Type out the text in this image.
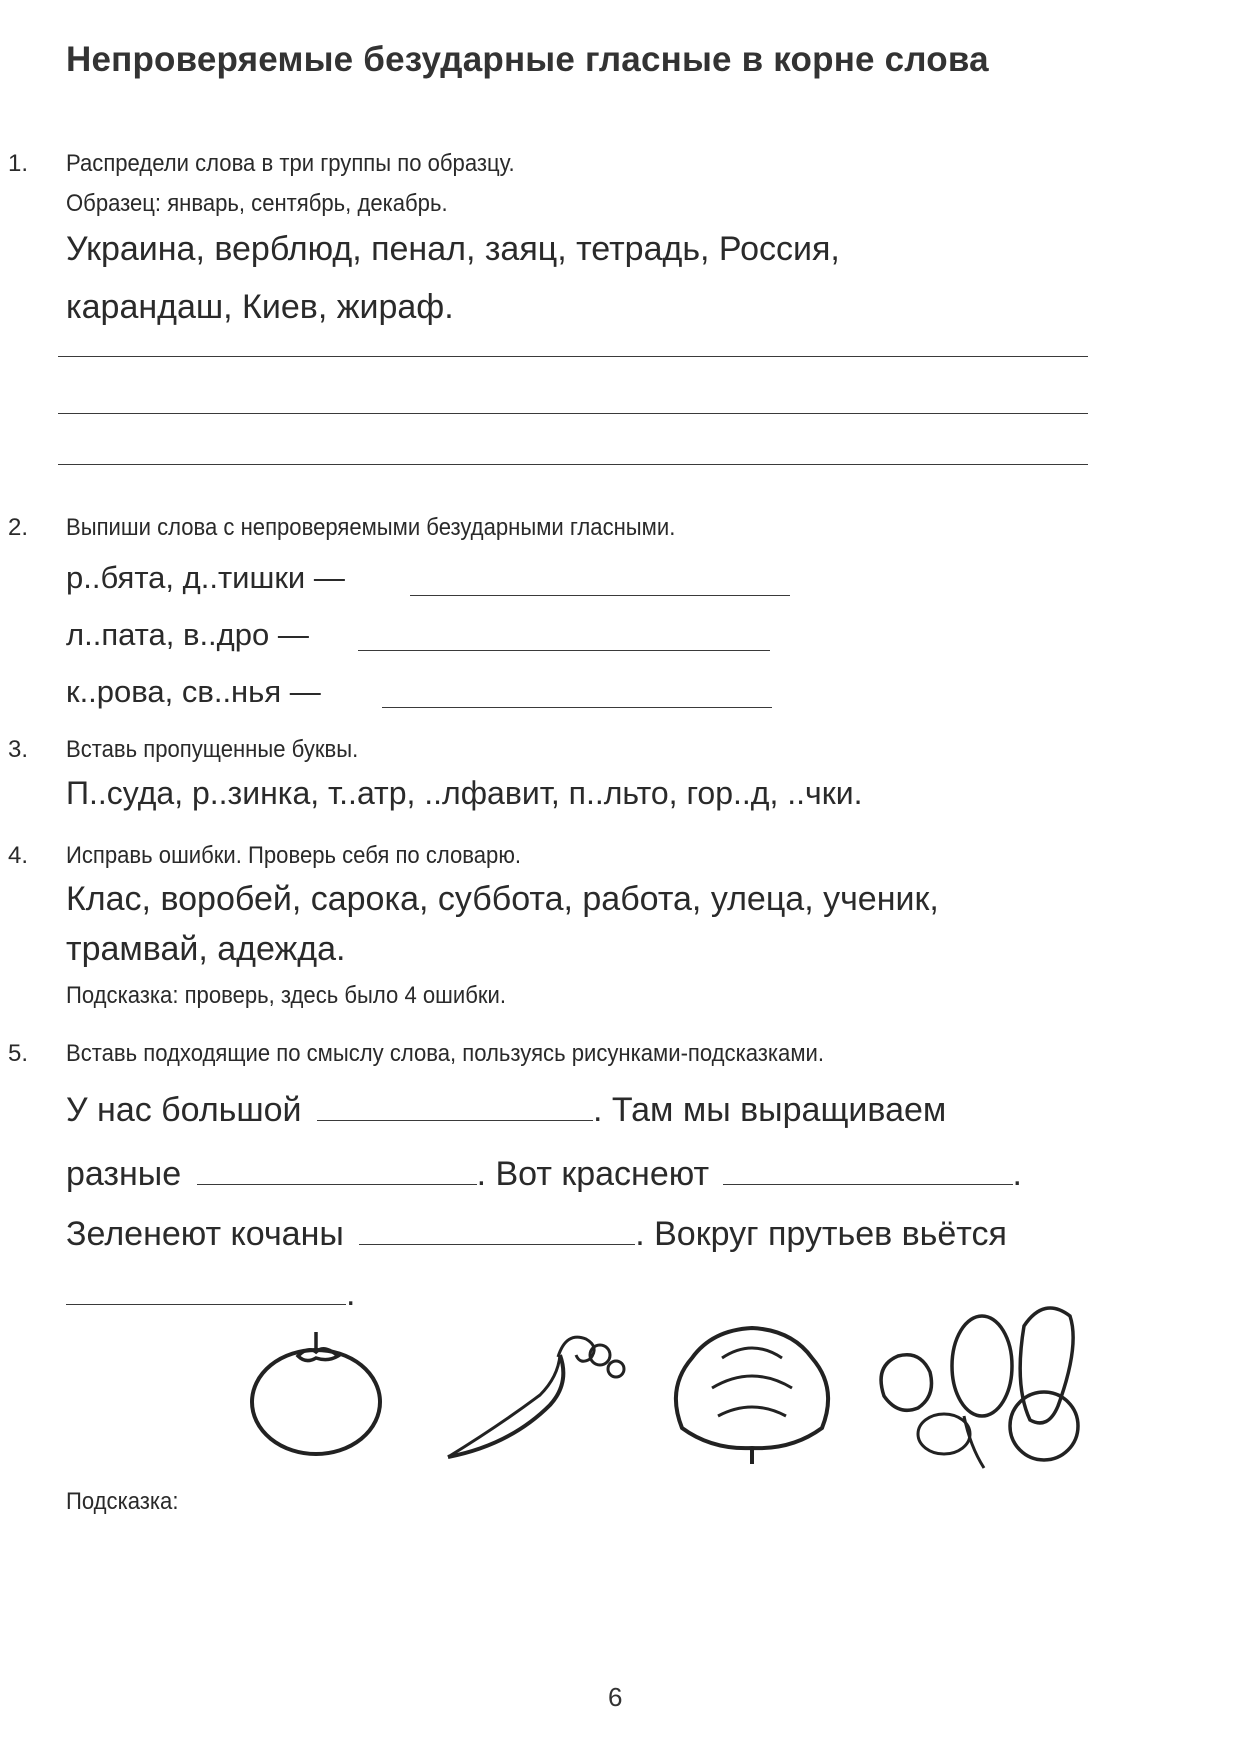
Непроверяемые безударные гласные в корне слова
1. Распредели слова в три группы по образцу.
Образец: январь, сентябрь, декабрь.
Украина, верблюд, пенал, заяц, тетрадь, Россия,
карандаш, Киев, жираф.
2. Выпиши слова с непроверяемыми безударными гласными.
р..бята, д..тишки —
л..пата, в..дро —
к..рова, св..нья —
3. Вставь пропущенные буквы.
П..суда, р..зинка, т..атр, ..лфавит, п..льто, гор..д, ..чки.
4. Исправь ошибки. Проверь себя по словарю.
Клас, воробей, сарока, суббота, работа, улеца, ученик,
трамвай, адежда.
Подсказка: проверь, здесь было 4 ошибки.
5. Вставь подходящие по смыслу слова, пользуясь рисунками-подсказками.
У нас большой	. Там мы выращиваем
разные	. Вот краснеют	.
Зеленеют кочаны	. Вокруг прутьев вьётся
.
Подсказка:
6
